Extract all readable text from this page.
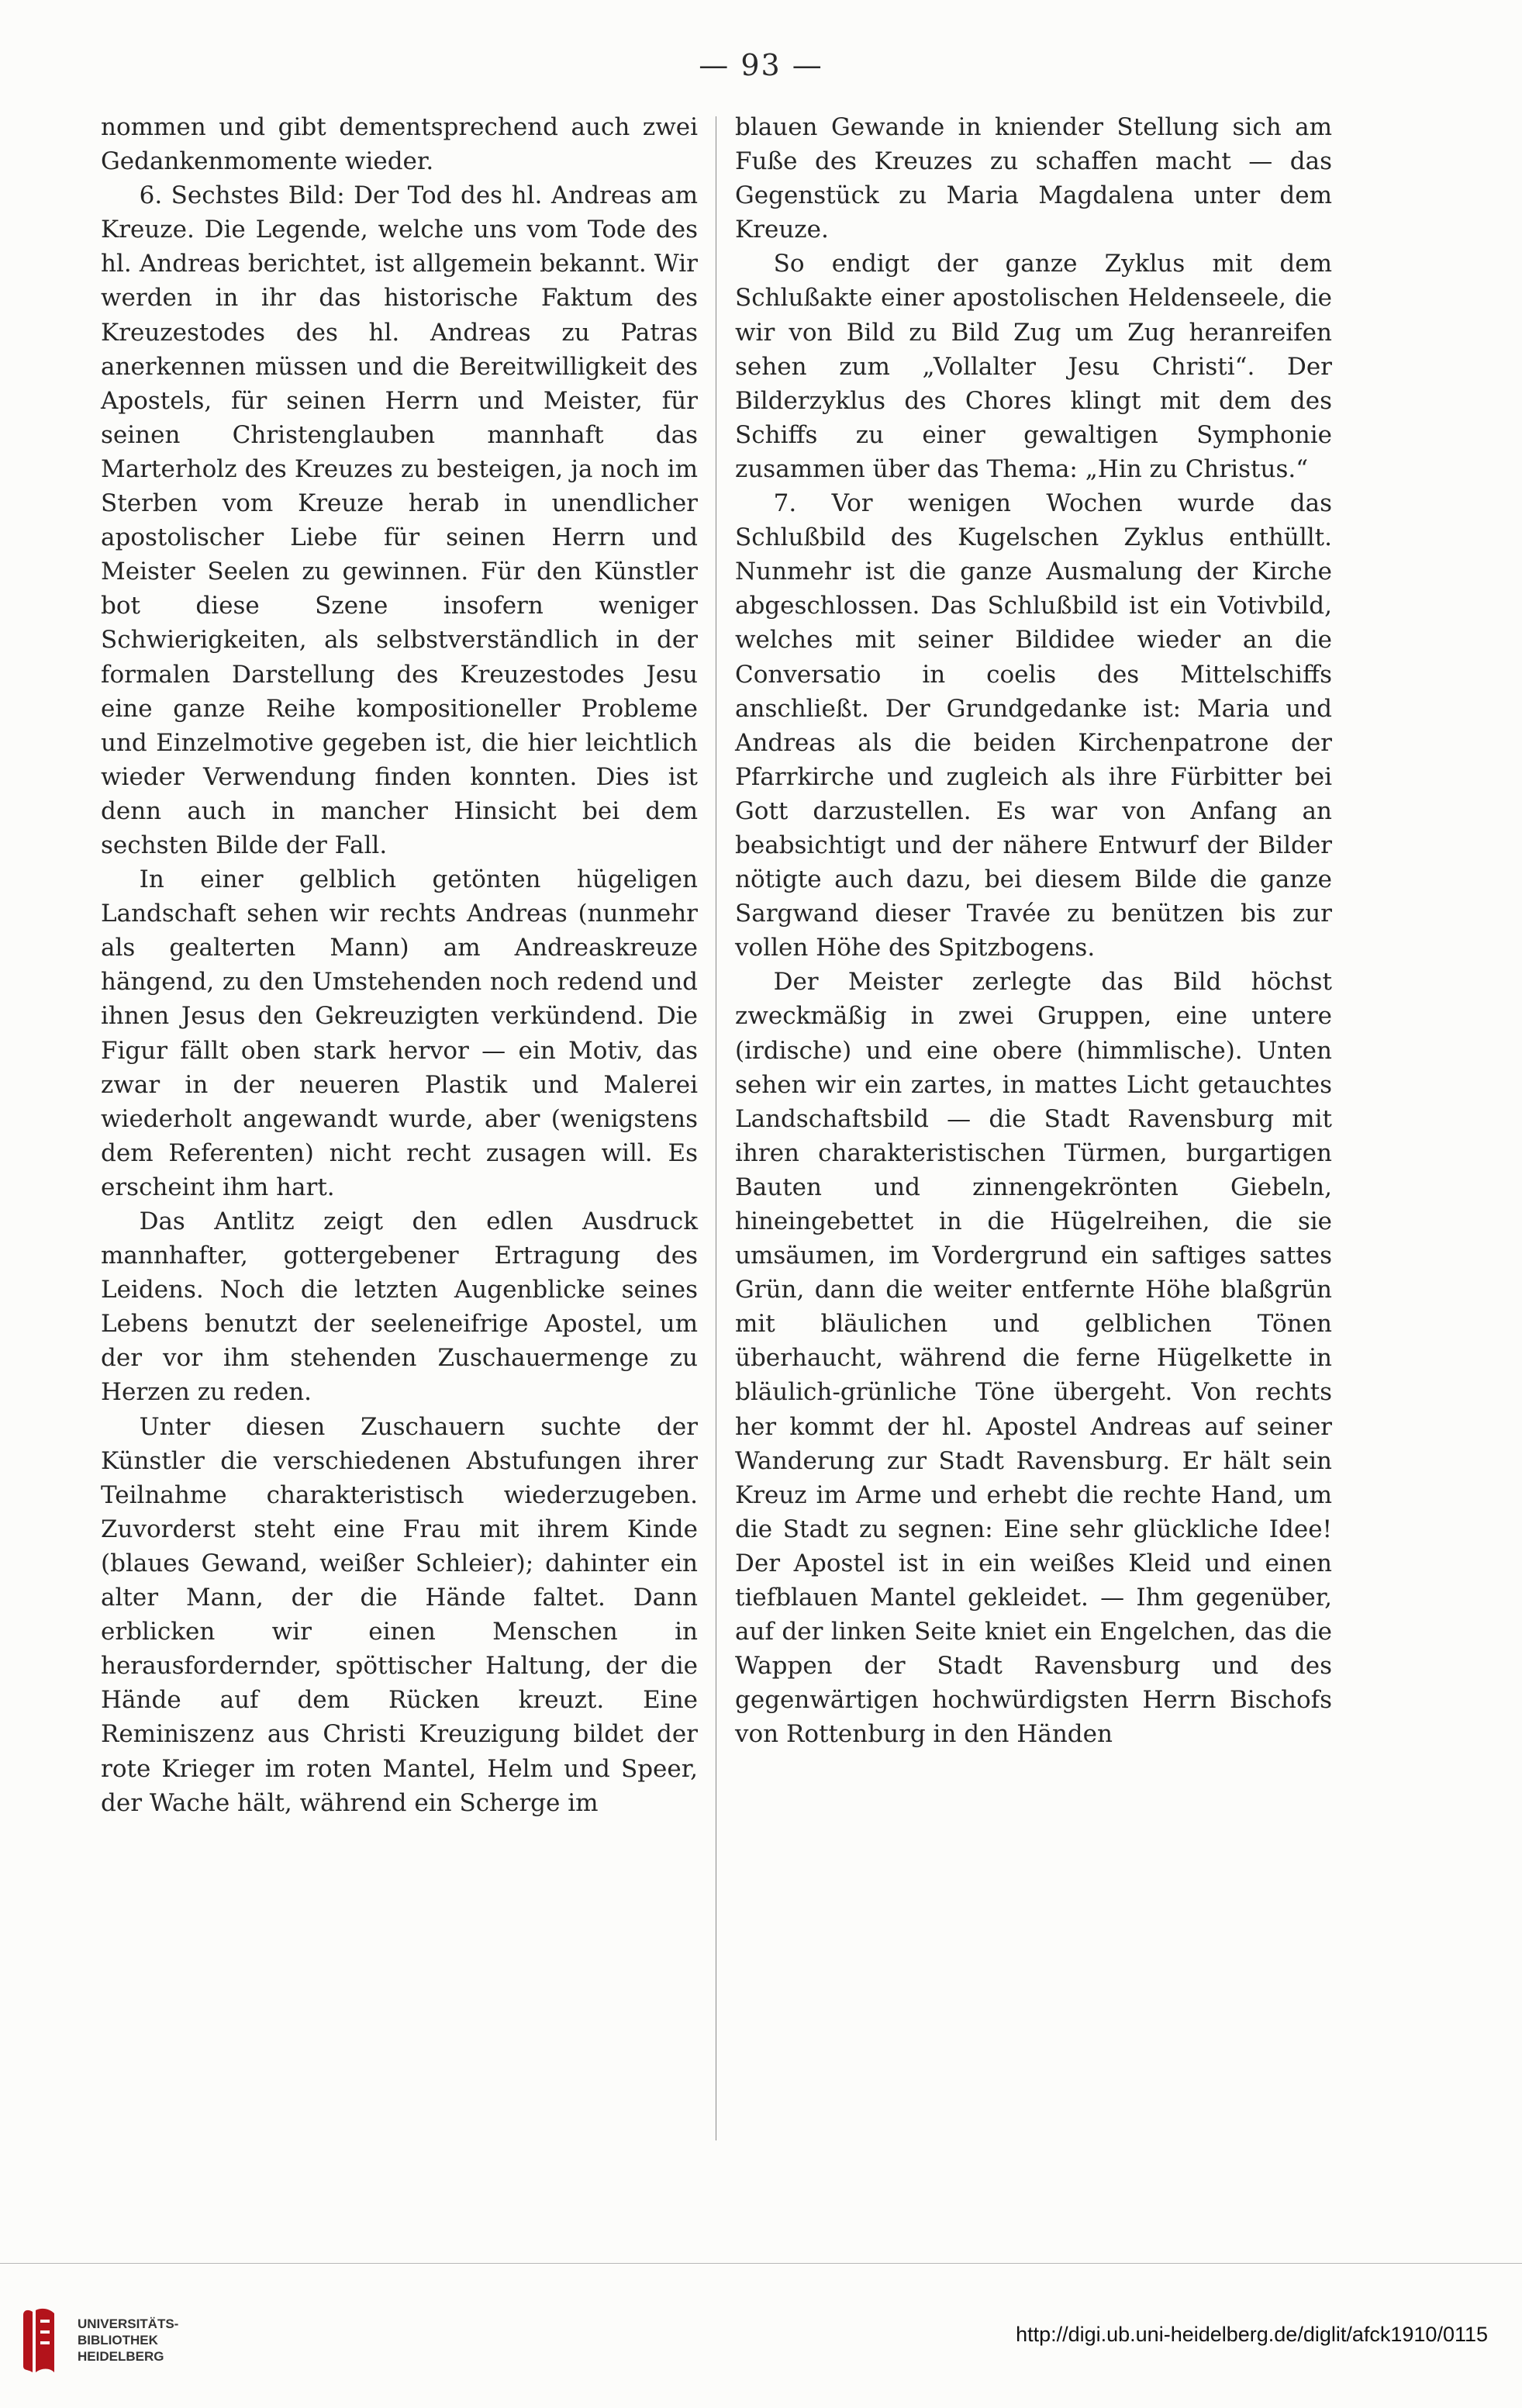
— 93 —

nommen und gibt dementsprechend auch zwei Gedankenmomente wieder.

6. Sechstes Bild: Der Tod des hl. Andreas am Kreuze. Die Legende, welche uns vom Tode des hl. Andreas berichtet, ist allgemein bekannt. Wir werden in ihr das historische Faktum des Kreuzestodes des hl. Andreas zu Patras anerkennen müssen und die Bereitwilligkeit des Apostels, für seinen Herrn und Meister, für seinen Christenglauben mannhaft das Marterholz des Kreuzes zu besteigen, ja noch im Sterben vom Kreuze herab in unendlicher apostolischer Liebe für seinen Herrn und Meister Seelen zu gewinnen. Für den Künstler bot diese Szene insofern weniger Schwierigkeiten, als selbstverständlich in der formalen Darstellung des Kreuzestodes Jesu eine ganze Reihe kompositioneller Probleme und Einzelmotive gegeben ist, die hier leichtlich wieder Verwendung finden konnten. Dies ist denn auch in mancher Hinsicht bei dem sechsten Bilde der Fall.

In einer gelblich getönten hügeligen Landschaft sehen wir rechts Andreas (nunmehr als gealterten Mann) am Andreaskreuze hängend, zu den Umstehenden noch redend und ihnen Jesus den Gekreuzigten verkündend. Die Figur fällt oben stark hervor — ein Motiv, das zwar in der neueren Plastik und Malerei wiederholt angewandt wurde, aber (wenigstens dem Referenten) nicht recht zusagen will. Es erscheint ihm hart.

Das Antlitz zeigt den edlen Ausdruck mannhafter, gottergebener Ertragung des Leidens. Noch die letzten Augenblicke seines Lebens benutzt der seeleneifrige Apostel, um der vor ihm stehenden Zuschauermenge zu Herzen zu reden.

Unter diesen Zuschauern suchte der Künstler die verschiedenen Abstufungen ihrer Teilnahme charakteristisch wiederzugeben. Zuvorderst steht eine Frau mit ihrem Kinde (blaues Gewand, weißer Schleier); dahinter ein alter Mann, der die Hände faltet. Dann erblicken wir einen Menschen in herausfordernder, spöttischer Haltung, der die Hände auf dem Rücken kreuzt. Eine Reminiszenz aus Christi Kreuzigung bildet der rote Krieger im roten Mantel, Helm und Speer, der Wache hält, während ein Scherge im

blauen Gewande in kniender Stellung sich am Fuße des Kreuzes zu schaffen macht — das Gegenstück zu Maria Magdalena unter dem Kreuze.

So endigt der ganze Zyklus mit dem Schlußakte einer apostolischen Heldenseele, die wir von Bild zu Bild Zug um Zug heranreifen sehen zum „Vollalter Jesu Christi“. Der Bilderzyklus des Chores klingt mit dem des Schiffs zu einer gewaltigen Symphonie zusammen über das Thema: „Hin zu Christus.“

7. Vor wenigen Wochen wurde das Schlußbild des Kugelschen Zyklus enthüllt. Nunmehr ist die ganze Ausmalung der Kirche abgeschlossen. Das Schlußbild ist ein Votivbild, welches mit seiner Bildidee wieder an die Conversatio in coelis des Mittelschiffs anschließt. Der Grundgedanke ist: Maria und Andreas als die beiden Kirchenpatrone der Pfarrkirche und zugleich als ihre Fürbitter bei Gott darzustellen. Es war von Anfang an beabsichtigt und der nähere Entwurf der Bilder nötigte auch dazu, bei diesem Bilde die ganze Sargwand dieser Travée zu benützen bis zur vollen Höhe des Spitzbogens.

Der Meister zerlegte das Bild höchst zweckmäßig in zwei Gruppen, eine untere (irdische) und eine obere (himmlische). Unten sehen wir ein zartes, in mattes Licht getauchtes Landschaftsbild — die Stadt Ravensburg mit ihren charakteristischen Türmen, burgartigen Bauten und zinnengekrönten Giebeln, hineingebettet in die Hügelreihen, die sie umsäumen, im Vordergrund ein saftiges sattes Grün, dann die weiter entfernte Höhe blaßgrün mit bläulichen und gelblichen Tönen überhaucht, während die ferne Hügelkette in bläulich-grünliche Töne übergeht. Von rechts her kommt der hl. Apostel Andreas auf seiner Wanderung zur Stadt Ravensburg. Er hält sein Kreuz im Arme und erhebt die rechte Hand, um die Stadt zu segnen: Eine sehr glückliche Idee! Der Apostel ist in ein weißes Kleid und einen tiefblauen Mantel gekleidet. — Ihm gegenüber, auf der linken Seite kniet ein Engelchen, das die Wappen der Stadt Ravensburg und des gegenwärtigen hochwürdigsten Herrn Bischofs von Rottenburg in den Händen

UNIVERSITÄTS-
BIBLIOTHEK
HEIDELBERG
http://digi.ub.uni-heidelberg.de/diglit/afck1910/0115
